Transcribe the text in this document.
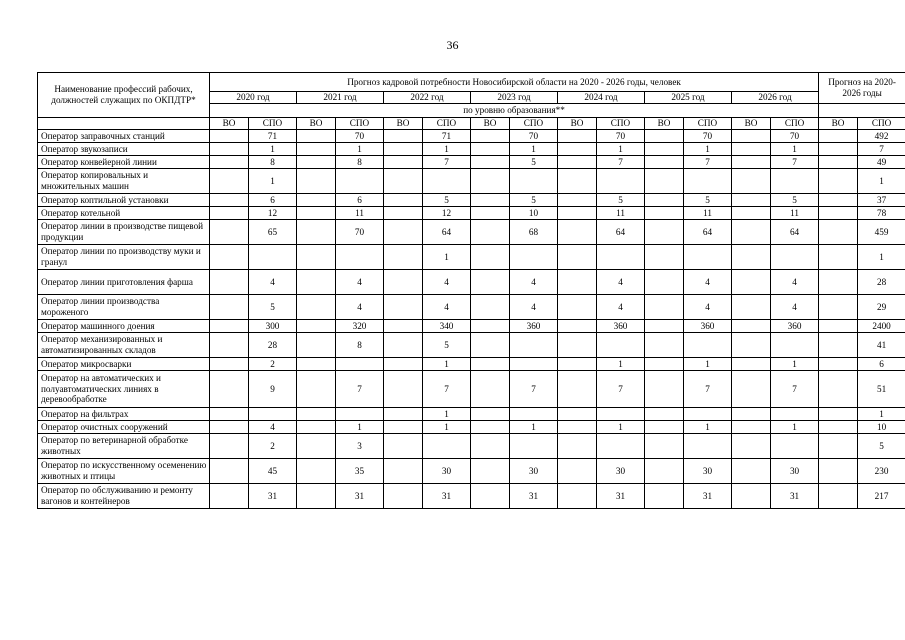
36
Наименование профессий рабочих, должностей служащих по ОКПДТР*	Прогноз кадровой потребности Новосибирской области на 2020 - 2026 годы, человек														Прогноз на 2020-2026 годы	
	2020 год		2021 год		2022 год		2023 год		2024 год		2025 год		2026 год			
	по уровню образования**															
	ВО	СПО	ВО	СПО	ВО	СПО	ВО	СПО	ВО	СПО	ВО	СПО	ВО	СПО	ВО	СПО
Оператор заправочных станций		71		70		71		70		70		70		70		492
Оператор звукозаписи		1		1		1		1		1		1		1		7
Оператор конвейерной линии		8		8		7		5		7		7		7		49
Оператор копировальных и множительных машин		1														1
Оператор коптильной установки		6		6		5		5		5		5		5		37
Оператор котельной		12		11		12		10		11		11		11		78
Оператор линии в производстве пищевой продукции		65		70		64		68		64		64		64		459
Оператор линии по производству муки и гранул						1										1
Оператор линии приготовления фарша		4		4		4		4		4		4		4		28
Оператор линии производства мороженого		5		4		4		4		4		4		4		29
Оператор машинного доения		300		320		340		360		360		360		360		2400
Оператор механизированных и автоматизированных складов		28		8		5										41
Оператор микросварки		2				1				1		1		1		6
Оператор на автоматических и полуавтоматических линиях в деревообработке		9		7		7		7		7		7		7		51
Оператор на фильтрах						1										1
Оператор очистных сооружений		4		1		1		1		1		1		1		10
Оператор по ветеринарной обработке животных		2		3												5
Оператор по искусственному осеменению животных и птицы		45		35		30		30		30		30		30		230
Оператор по обслуживанию и ремонту вагонов и контейнеров		31		31		31		31		31		31		31		217
